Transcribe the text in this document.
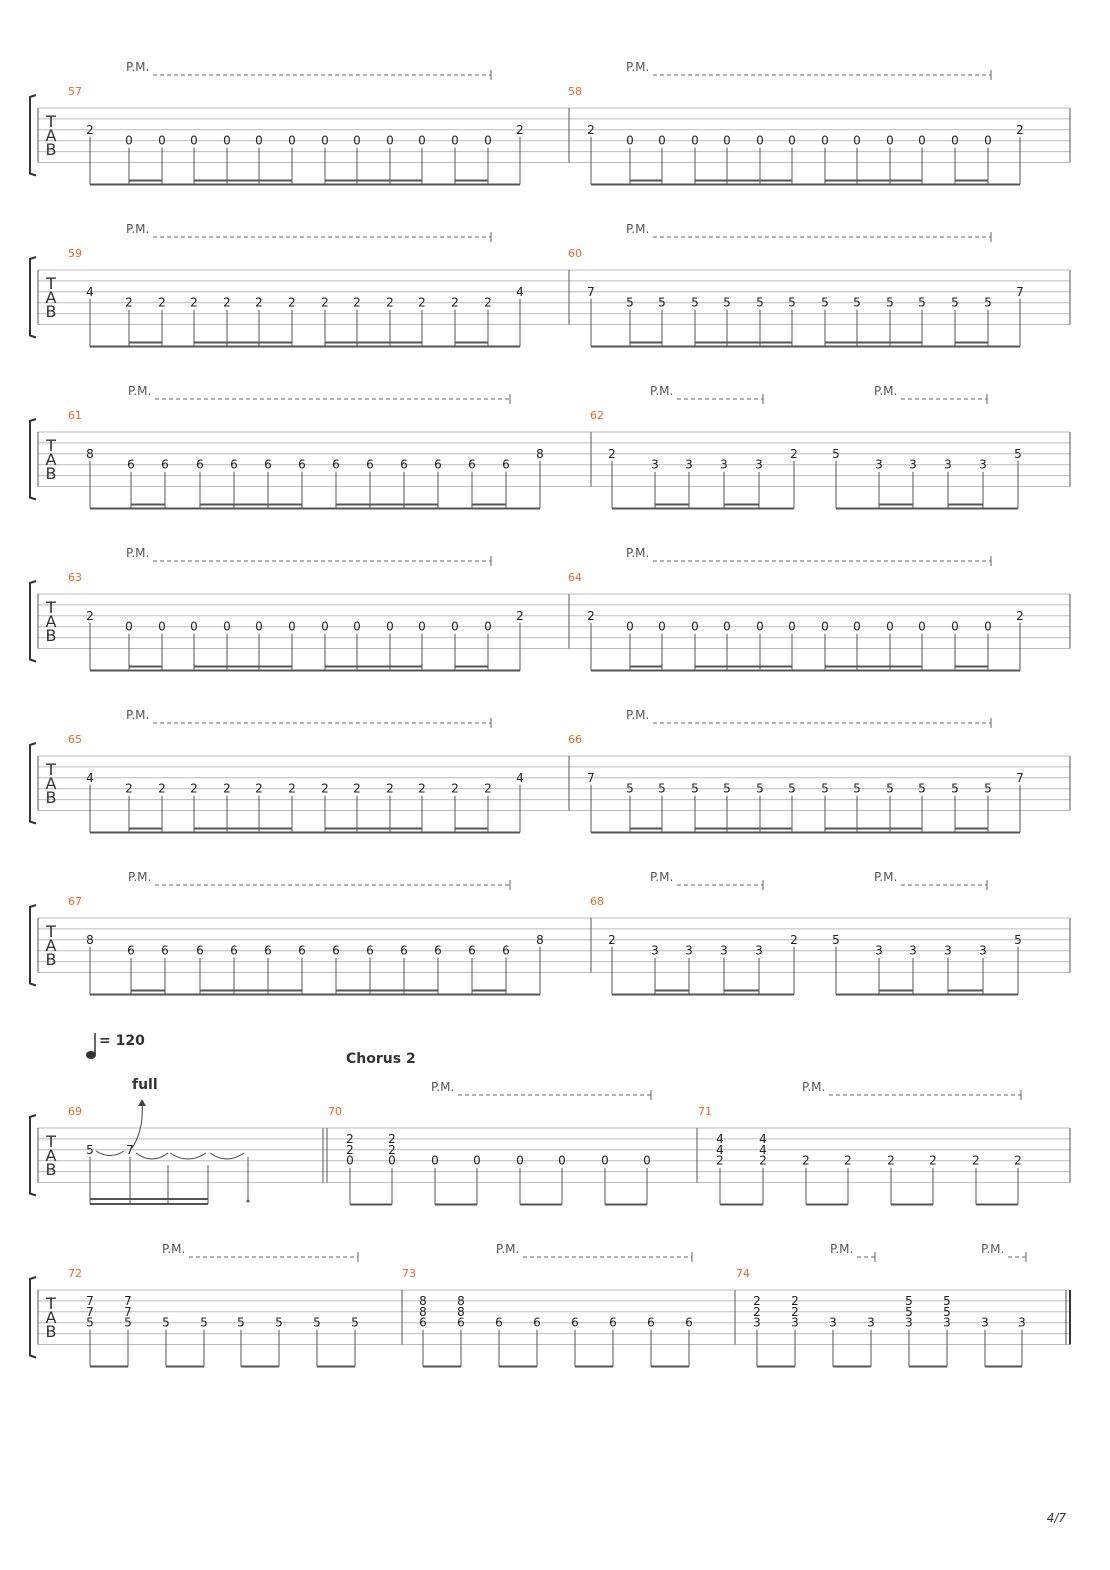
4/7
T
A
B
P.M.	P.M.
57
2
0 0 0 0 0 0 0 0 0 0 0 0
2
58
2
0 0 0 0 0 0 0 0 0 0 0 0
2
T
A
B
P.M.	P.M.
59
4
2 2 2 2 2 2 2 2 2 2 2 2
4
60
7
5 5 5 5 5 5 5 5 5 5 5 5
7
T
A
B
P.M.	P.M.	P.M.
61
8
6 6 6 6 6 6 6 6 6 6 6 6
8
62
2
3 3 3 3
2	5
3 3 3 3
5
T
A
B
P.M.	P.M.
63
2
0 0 0 0 0 0 0 0 0 0 0 0
2
64
2
0 0 0 0 0 0 0 0 0 0 0 0
2
T
A
B
P.M.	P.M.
65
4
2 2 2 2 2 2 2 2 2 2 2 2
4
66
7
5 5 5 5 5 5 5 5 5 5 5 5
7
T
A
B
P.M.	P.M.	P.M.
67
8
6 6 6 6 6 6 6 6 6 6 6 6
8
68
2
3 3 3 3
2	5
3 3 3 3
5
T
A
B
P.M.	P.M.
69
5	7
70
2
2
0
2
2
0	0	0	0	0	0	0
71
4
4
2
4
4
2	2	2	2	2	2	2
= 120
Chorus 2
full
T
A
B
P.M.	P.M.	P.M.	P.M.
72
7
7
5
7
7
5	5	5 5	5	5	5
73
8
8
6
8
8
6	6	6	6	6	6	6
74
2
2
3
2
2
3	3	3
5
5
3
5
5
3	3 3
